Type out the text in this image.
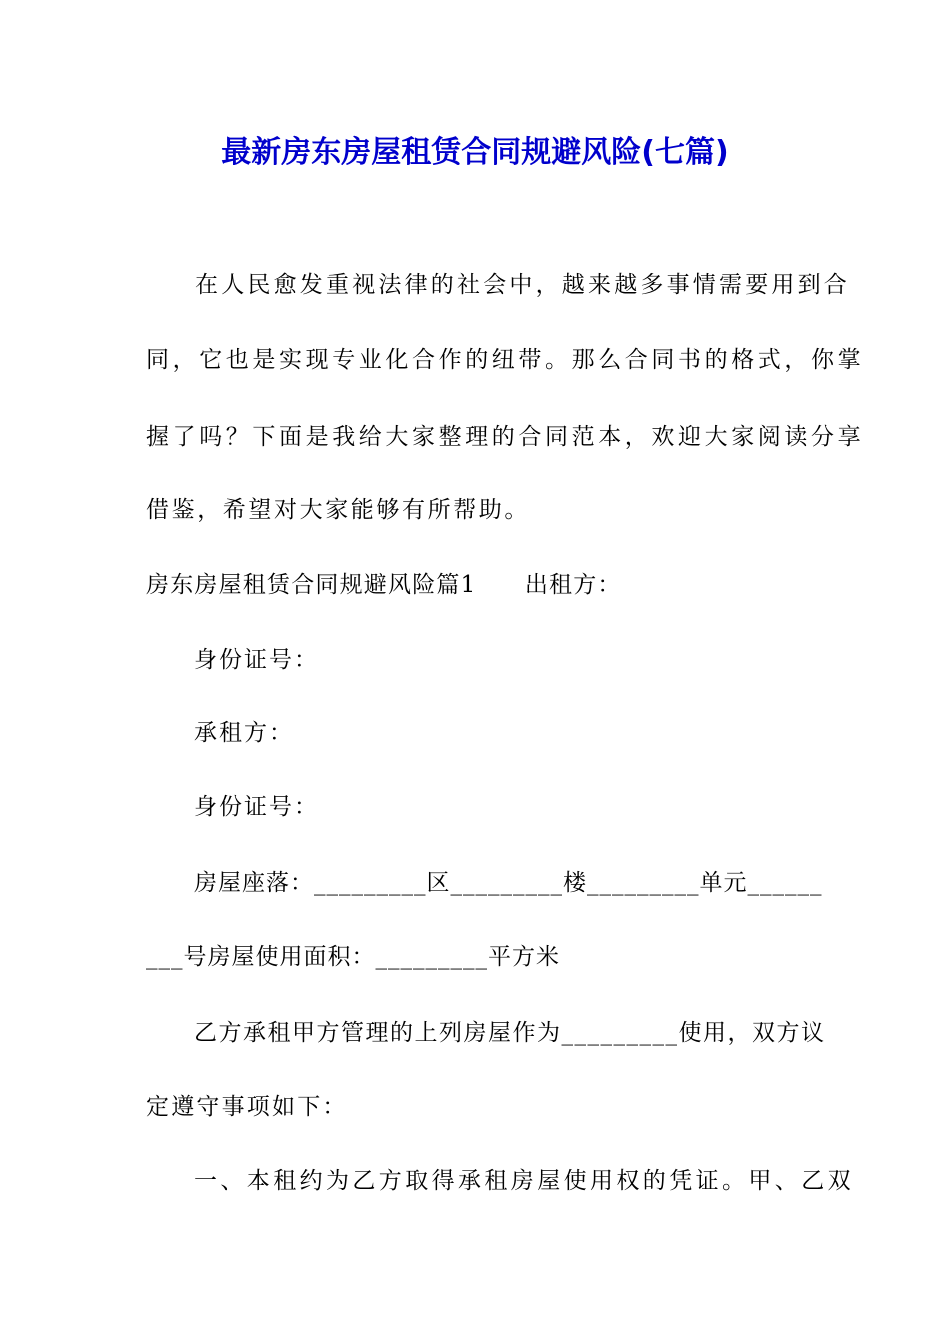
最新房东房屋租赁合同规避风险(七篇)
在人民愈发重视法律的社会中，越来越多事情需要用到合
同，它也是实现专业化合作的纽带。那么合同书的格式，你掌
握了吗？下面是我给大家整理的合同范本，欢迎大家阅读分享
借鉴，希望对大家能够有所帮助。
房东房屋租赁合同规避风险篇1　　出租方：
身份证号：
承租方：
身份证号：
房屋座落：_________区_________楼_________单元______
___号房屋使用面积：_________平方米
乙方承租甲方管理的上列房屋作为_________使用，双方议
定遵守事项如下：
一、本租约为乙方取得承租房屋使用权的凭证。甲、乙双
